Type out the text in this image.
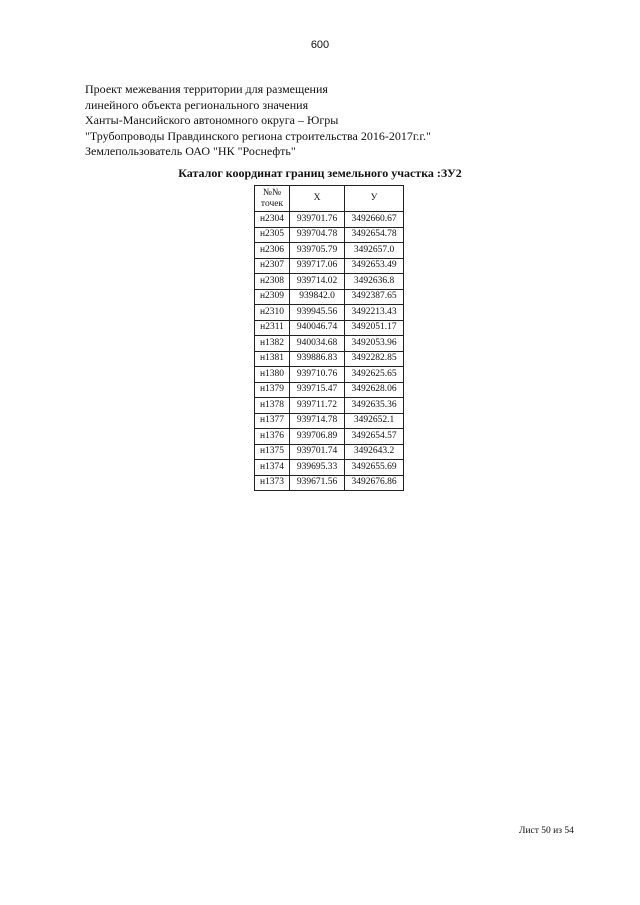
600
Проект межевания территории для размещения
линейного объекта регионального значения
Ханты-Мансийского автономного округа – Югры
"Трубопроводы Правдинского региона строительства 2016-2017г.г."
Землепользователь ОАО "НК "Роснефть"
Каталог координат границ земельного участка :ЗУ2
№№
точек	Х	У
н2304	939701.76	3492660.67
н2305	939704.78	3492654.78
н2306	939705.79	3492657.0
н2307	939717.06	3492653.49
н2308	939714.02	3492636.8
н2309	939842.0	3492387.65
н2310	939945.56	3492213.43
н2311	940046.74	3492051.17
н1382	940034.68	3492053.96
н1381	939886.83	3492282.85
н1380	939710.76	3492625.65
н1379	939715.47	3492628.06
н1378	939711.72	3492635.36
н1377	939714.78	3492652.1
н1376	939706.89	3492654.57
н1375	939701.74	3492643.2
н1374	939695.33	3492655.69
н1373	939671.56	3492676.86
Лист 50 из 54
